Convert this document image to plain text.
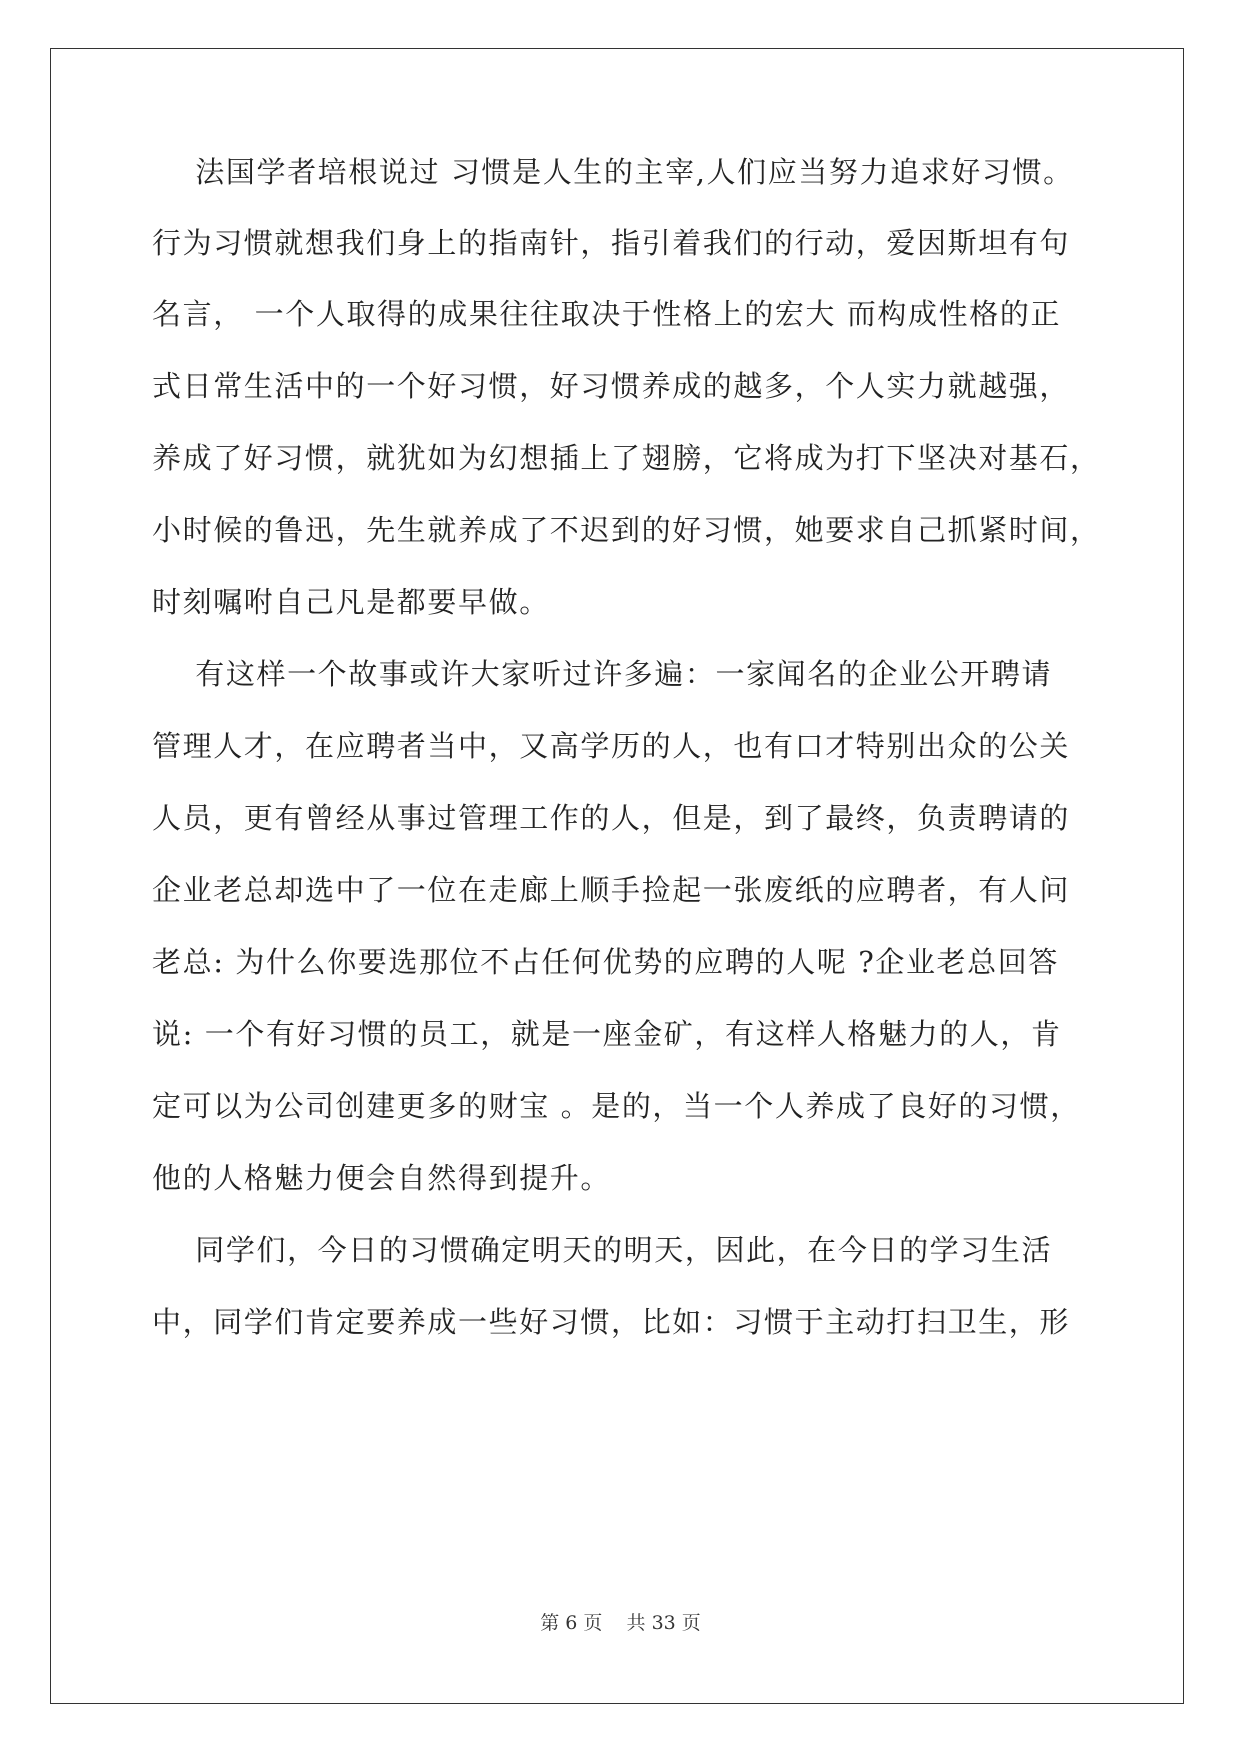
法国学者培根说过 习惯是人生的主宰,人们应当努力追求好习惯。
行为习惯就想我们身上的指南针，指引着我们的行动，爱因斯坦有句
名言， 一个人取得的成果往往取决于性格上的宏大 而构成性格的正
式日常生活中的一个好习惯，好习惯养成的越多，个人实力就越强，
养成了好习惯，就犹如为幻想插上了翅膀，它将成为打下坚决对基石，
小时候的鲁迅，先生就养成了不迟到的好习惯，她要求自己抓紧时间，
时刻嘱咐自己凡是都要早做。
有这样一个故事或许大家听过许多遍：一家闻名的企业公开聘请
管理人才，在应聘者当中，又高学历的人，也有口才特别出众的公关
人员，更有曾经从事过管理工作的人，但是，到了最终，负责聘请的
企业老总却选中了一位在走廊上顺手捡起一张废纸的应聘者，有人问
老总: 为什么你要选那位不占任何优势的应聘的人呢 ?企业老总回答
说: 一个有好习惯的员工，就是一座金矿，有这样人格魅力的人，肯
定可以为公司创建更多的财宝 。是的，当一个人养成了良好的习惯，
他的人格魅力便会自然得到提升。
同学们，今日的习惯确定明天的明天，因此，在今日的学习生活
中，同学们肯定要养成一些好习惯，比如：习惯于主动打扫卫生，形
第 6 页    共 33 页
